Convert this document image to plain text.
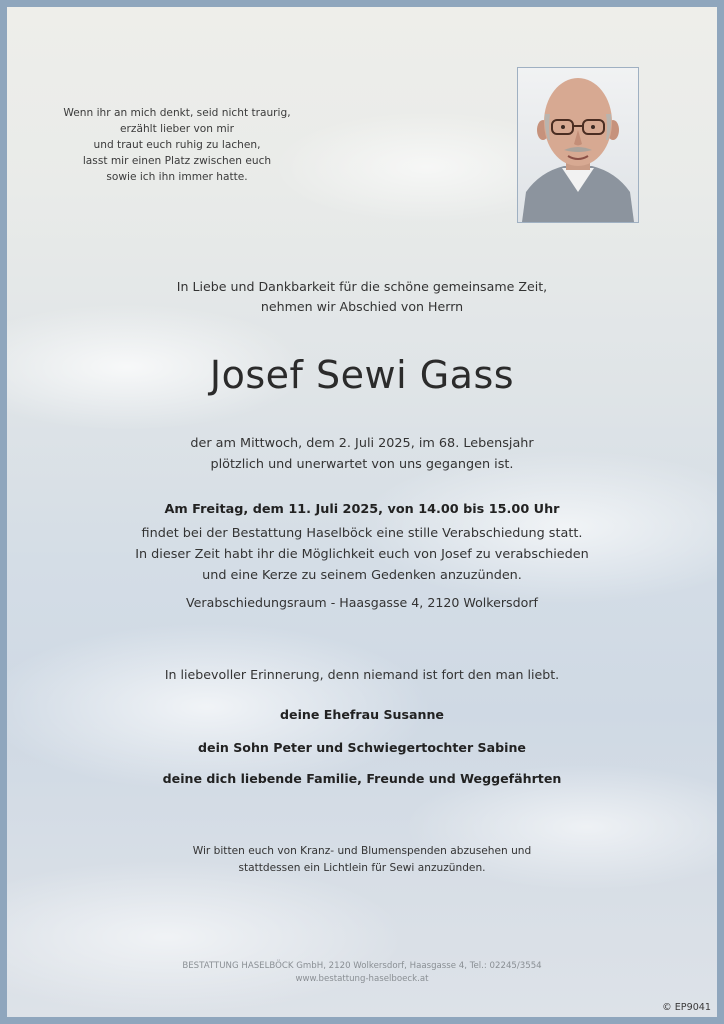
Wenn ihr an mich denkt, seid nicht traurig,
erzählt lieber von mir
und traut euch ruhig zu lachen,
lasst mir einen Platz zwischen euch
sowie ich ihn immer hatte.
In Liebe und Dankbarkeit für die schöne gemeinsame Zeit,
nehmen wir Abschied von Herrn
Josef Sewi Gass
der am Mittwoch, dem 2. Juli 2025, im 68. Lebensjahr
plötzlich und unerwartet von uns gegangen ist.
Am Freitag, dem 11. Juli 2025, von 14.00 bis 15.00 Uhr
findet bei der Bestattung Haselböck eine stille Verabschiedung statt.
In dieser Zeit habt ihr die Möglichkeit euch von Josef zu verabschieden
und eine Kerze zu seinem Gedenken anzuzünden.
Verabschiedungsraum - Haasgasse 4, 2120 Wolkersdorf
In liebevoller Erinnerung, denn niemand ist fort den man liebt.
deine Ehefrau Susanne
dein Sohn Peter und Schwiegertochter Sabine
deine dich liebende Familie, Freunde und Weggefährten
Wir bitten euch von Kranz- und Blumenspenden abzusehen und
stattdessen ein Lichtlein für Sewi anzuzünden.
BESTATTUNG HASELBÖCK GmbH, 2120 Wolkersdorf, Haasgasse 4, Tel.: 02245/3554
www.bestattung-haselboeck.at
© EP9041
